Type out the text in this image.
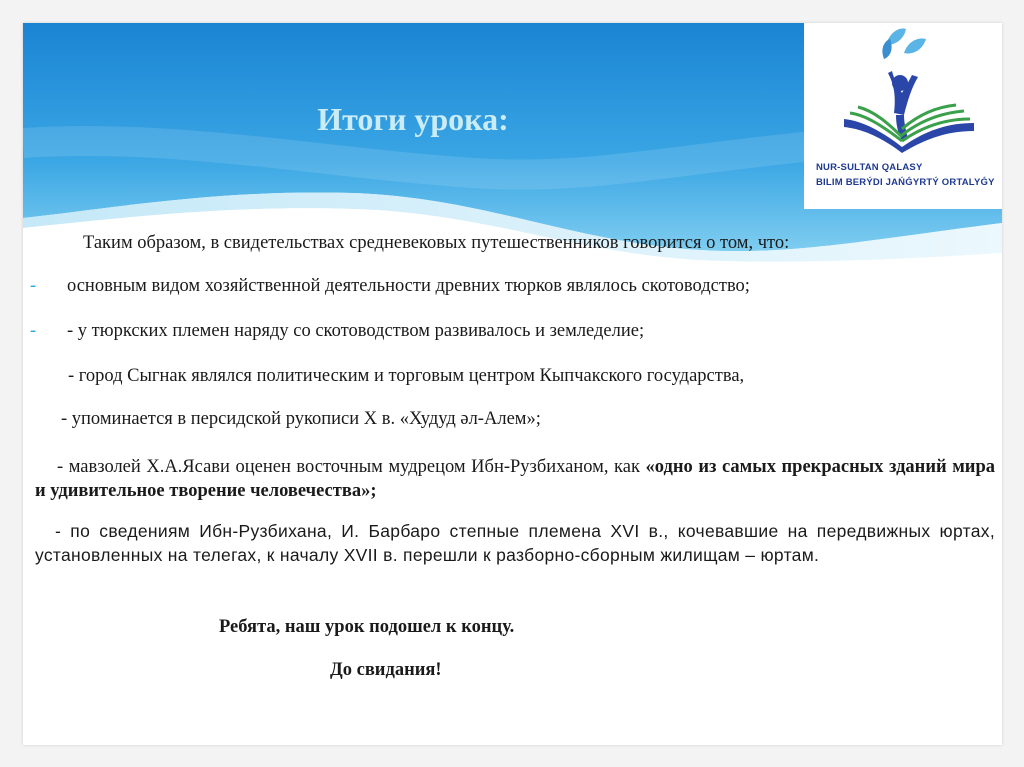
Итоги урока:
NUR-SULTAN QALASY
BILIM BERÝDI JAŃǴYRTÝ ORTALYǴY
Таким образом, в свидетельствах средневековых путешественников говорится о том, что:
- основным видом хозяйственной деятельности древних тюрков являлось скотоводство;
- - у тюркских племен наряду со скотоводством развивалось и земледелие;
- город Сыгнак являлся политическим и торговым центром Кыпчакского государства,
- упоминается в персидской рукописи X в. «Худуд әл-Алем»;
- мавзолей Х.А.Ясави оценен восточным мудрецом Ибн-Рузбиханом, как «одно из самых прекрасных зданий мира и удивительное творение человечества»;
- по сведениям Ибн-Рузбихана, И. Барбаро степные племена XVI в., кочевавшие на передвижных юртах, установленных на телегах, к началу XVII в. перешли к разборно-сборным жилищам – юртам.
Ребята, наш урок подошел к концу.
До свидания!
